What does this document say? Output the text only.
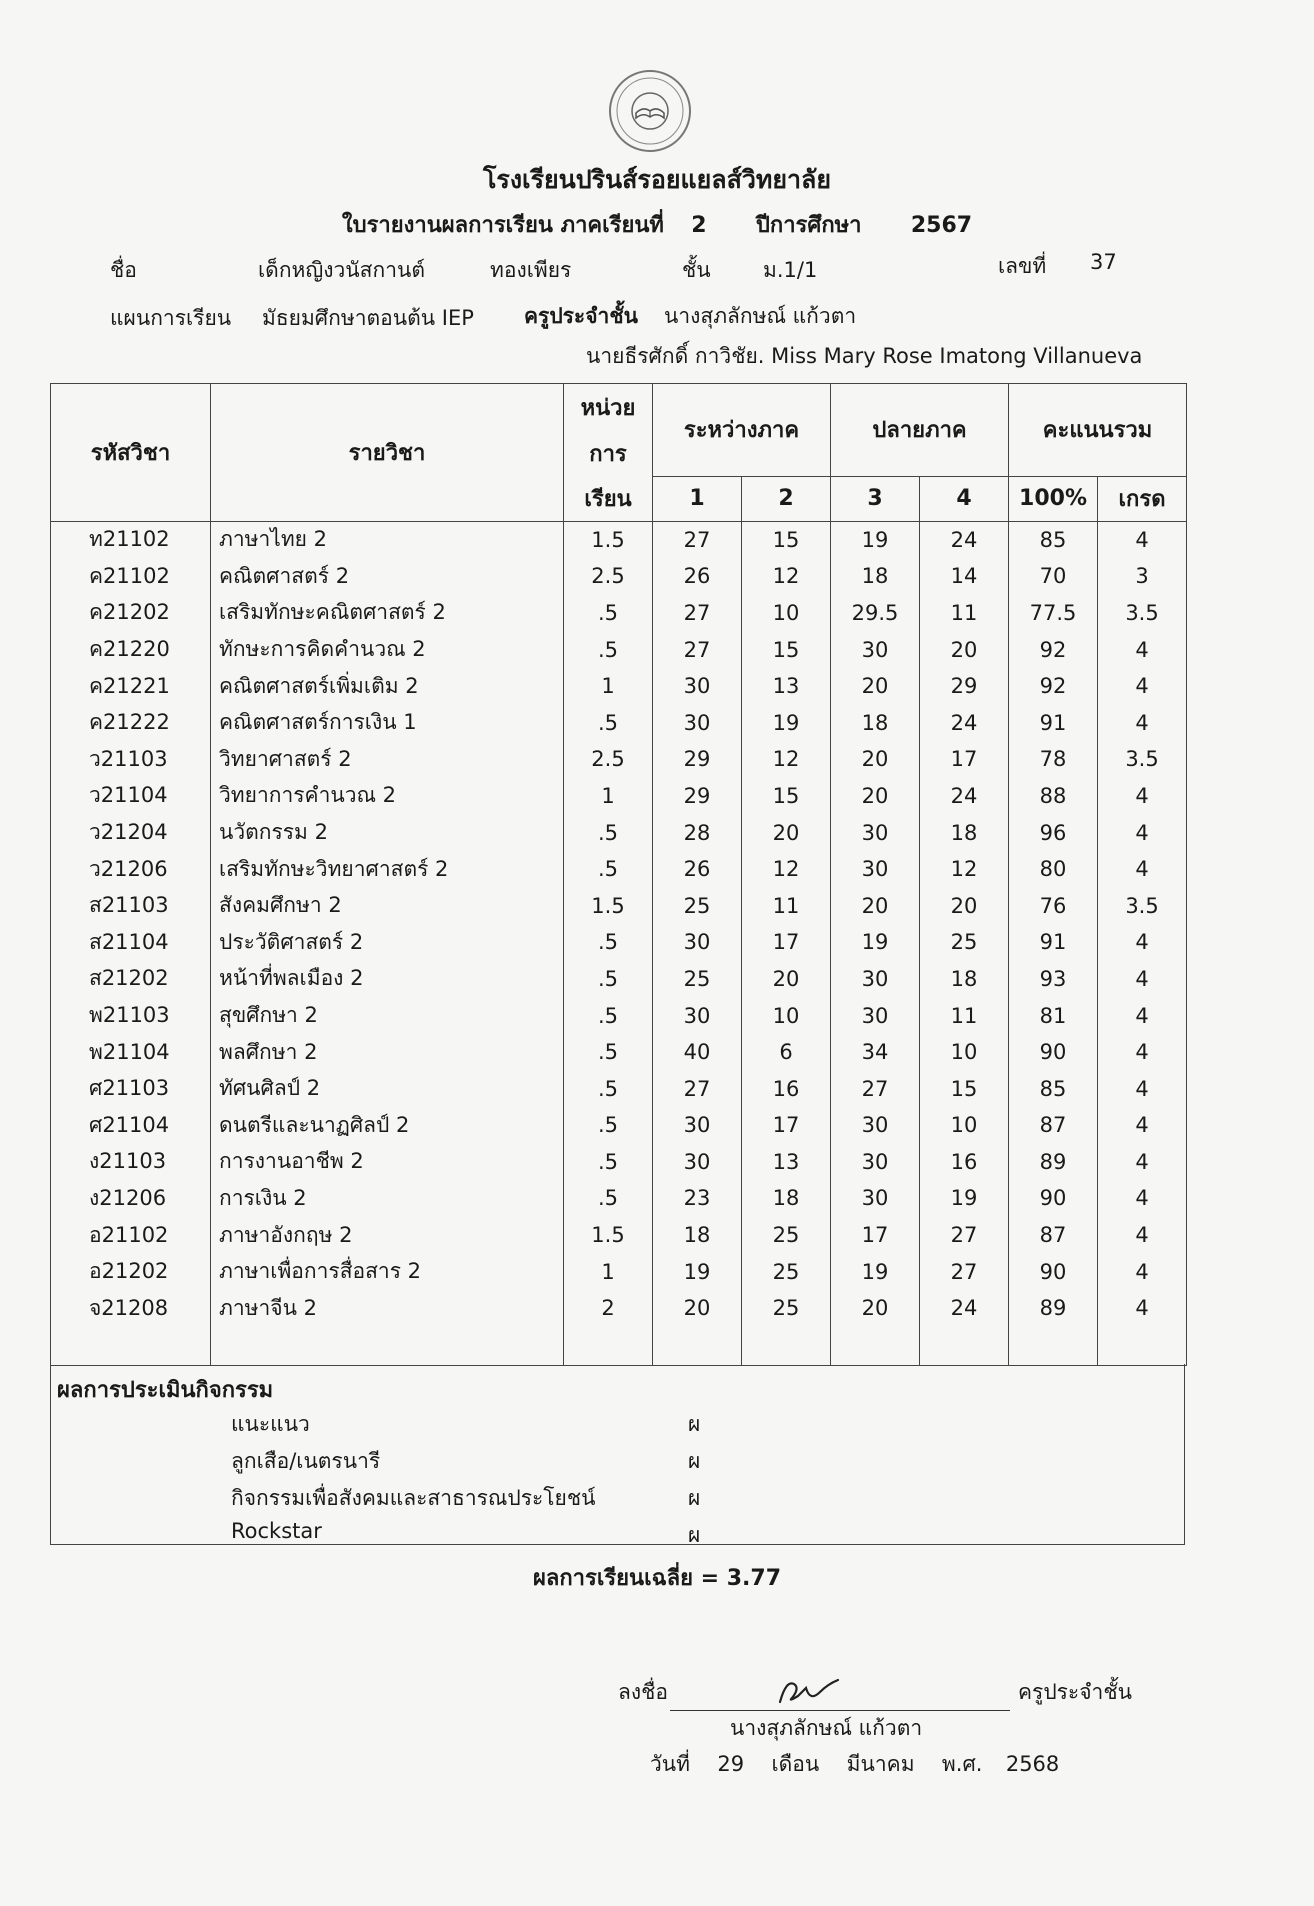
โรงเรียนปรินส์รอยแยลส์วิทยาลัย
ใบรายงานผลการเรียน ภาคเรียนที่ 2 ปีการศึกษา 2567
ชื่อ	เด็กหญิงวนัสกานต์	ทองเพียร	ชั้น ม.1/1	เลขที่ 37
แผนการเรียน มัธยมศึกษาตอนต้น IEP ครูประจำชั้น นางสุภลักษณ์ แก้วตา
นายธีรศักดิ์ กาวิชัย. Miss Mary Rose Imatong Villanueva
รหัสวิชา	รายวิชา	หน่วย	ระหว่างภาค		ปลายภาค		คะแนนรวม	
		การ						
		เรียน	1	2	3	4	100%	เกรด
ท21102	ภาษาไทย 2	1.5	27	15	19	24	85	4
ค21102	คณิตศาสตร์ 2	2.5	26	12	18	14	70	3
ค21202	เสริมทักษะคณิตศาสตร์ 2	.5	27	10	29.5	11	77.5	3.5
ค21220	ทักษะการคิดคำนวณ 2	.5	27	15	30	20	92	4
ค21221	คณิตศาสตร์เพิ่มเติม 2	1	30	13	20	29	92	4
ค21222	คณิตศาสตร์การเงิน 1	.5	30	19	18	24	91	4
ว21103	วิทยาศาสตร์ 2	2.5	29	12	20	17	78	3.5
ว21104	วิทยาการคำนวณ 2	1	29	15	20	24	88	4
ว21204	นวัตกรรม 2	.5	28	20	30	18	96	4
ว21206	เสริมทักษะวิทยาศาสตร์ 2	.5	26	12	30	12	80	4
ส21103	สังคมศึกษา 2	1.5	25	11	20	20	76	3.5
ส21104	ประวัติศาสตร์ 2	.5	30	17	19	25	91	4
ส21202	หน้าที่พลเมือง 2	.5	25	20	30	18	93	4
พ21103	สุขศึกษา 2	.5	30	10	30	11	81	4
พ21104	พลศึกษา 2	.5	40	6	34	10	90	4
ศ21103	ทัศนศิลป์ 2	.5	27	16	27	15	85	4
ศ21104	ดนตรีและนาฏศิลป์ 2	.5	30	17	30	10	87	4
ง21103	การงานอาชีพ 2	.5	30	13	30	16	89	4
ง21206	การเงิน 2	.5	23	18	30	19	90	4
อ21102	ภาษาอังกฤษ 2	1.5	18	25	17	27	87	4
อ21202	ภาษาเพื่อการสื่อสาร 2	1	19	25	19	27	90	4
จ21208	ภาษาจีน 2	2	20	25	20	24	89	4

ผลการประเมินกิจกรรม
แนะแนว	ผ
ลูกเสือ/เนตรนารี	ผ
กิจกรรมเพื่อสังคมและสาธารณประโยชน์	ผ
Rockstar	ผ
ผลการเรียนเฉลี่ย = 3.77
ลงชื่อ	ครูประจำชั้น
นางสุภลักษณ์ แก้วตา
วันที่ 29 เดือน มีนาคม พ.ศ. 2568
